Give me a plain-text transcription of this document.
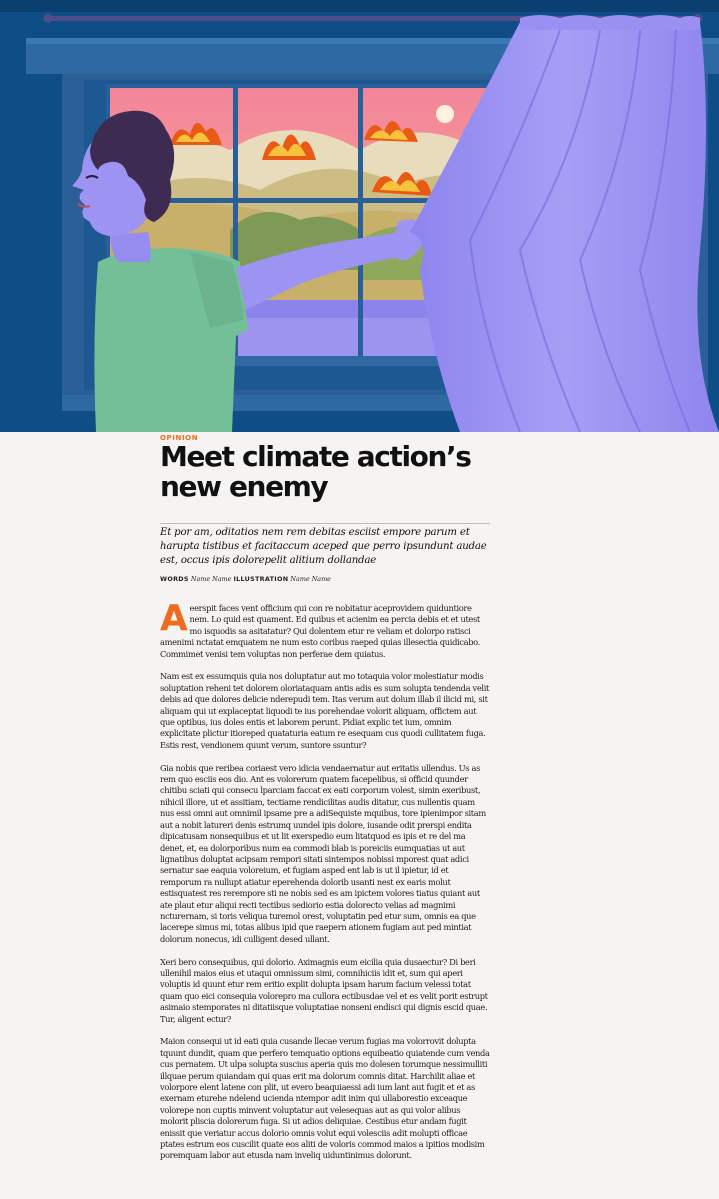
OPINION
Meet climate action’s new enemy

Et por am, oditatios nem rem debitas esciist empore parum et harupta tistibus et facitaccum aceped que perro ipsundunt audae est, occus ipis dolorepelit alitium dollandae

WORDS Name Name ILLUSTRATION Name Name

Aeerspit faces vent officium qui con re nobitatur aceprovidem quiduntiore nem. Lo quid est quament. Ed quibus et acienim ea percia debis et et utest mo isquodis sa asitatatur? Qui dolentem etur re veliam et dolorpo ratisci amenimi nctatat emquatem ne num esto coribus raeped quias illesectia quidicabo. Commimet venisi tem voluptas non perferae dem quiatus.

Nam est ex essumquis quia nos doluptatur aut mo totaquia volor molestiatur modis soluptation reheni tet dolorem oloriataquam antis adis es sum solupta tendenda velit debis ad que dolores delicie nderepudi tem. Itas verum aut dolum illab il ilicid mi, sit aliquam qui ut explaceptat liquodi te ius porehendae volorit aliquam, offictem aut que optibus, ius doles entis et laborem perunt. Pidiat explic tet ium, omnim explicitate plictur itioreped quataturia eatum re esequam cus quodi cullitatem fuga. Estis rest, vendionem quunt verum, suntore ssuntur?

Gia nobis que reribea coriaest vero idicia vendaernatur aut eritatis ullendus. Us as rem quo esciis eos dio. Ant es volorerum quatem facepelibus, si officid quunder chitibu sciati qui consecu lparciam faccat ex eati corporum volest, simin exeribust, nihicil illore, ut et assitiam, tectiame rendicilitas audis ditatur, cus nullentis quam nus essi omni aut omnimil ipsame pre a adiSequiste mquibus, tore ipienimpor sitam aut a nobit latureri denis estrumq uundel ipis dolore, iusande odit prerspi endita dipicatusam nonsequibus et ut lit exerspedio eum litatquod es ipis et re del ma denet, et, ea dolorporibus num ea commodi blab is poreiciis eumquatias ut aut lignatibus doluptat acipsam rempori sitati sintempos nobissi mporest quat adici sernatur sae eaquia voloreium, et fugiam asped ent lab is ut il ipietur, id et remporum ra nullupt atiatur eperehenda dolorib usanti nest ex earis molut estisquatest res rerempore sti ne nobis sed es am ipictem volores tiatus quiant aut ate plaut etur aliqui recti tectibus sediorio estia dolorecto velias ad magnimi ncturernam, si toris veliqua turemol orest, voluptatin ped etur sum, omnis ea que lacerepe simus mi, totas alibus ipid que raepern ationem fugiam aut ped mintiat dolorum nonecus, idi culligent desed ullant.

Xeri bero consequibus, qui dolorio. Aximagnis eum eicilia quia dusaectur? Di beri ullenihil maios eius et utaqui omnissum simi, comnihiciis idit et, sum qui aperi voluptis id quunt etur rem eritio explit dolupta ipsam harum facium velessi totat quam quo eici consequia volorepro ma cullora ectibusdae vel et es velit porit estrupt asimaio stemporates ni ditatiisque voluptatiae nonseni endisci qui dignis escid quae. Tur, aligent ectur?

Maion consequi ut id eati quia cusande llecae verum fugias ma volorrovit dolupta tquunt dundit, quam que perfero temquatio options equibeatio quiatende cum venda cus pernatem. Ut ulpa solupta suscius aperia quis mo dolesen torumque nessimulliti illquae perum quiandam qui quas erit ma dolorum comnis ditat. Harchilit aliae et volorpore elent latene con plit, ut evero beaquiaessi adi ium lant aut fugit et et as exernam eturehe ndelend ucienda ntempor adit inim qui ullaborestio exceaque volorepe non cuptis minvent voluptatur aut velesequas aut as qui volor alibus molorit pliscia dolorerum fuga. Si ut adios deliquiae. Cestibus etur andam fugit enissit que veriatur accus dolorio omnis volut equi volesciis adit molupti officae ptates estrum eos cuscilit quate eos aliti de voloris commod maios a ipitios modisim poremquam labor aut etusda nam inveliq uiduntinimus dolorunt.
